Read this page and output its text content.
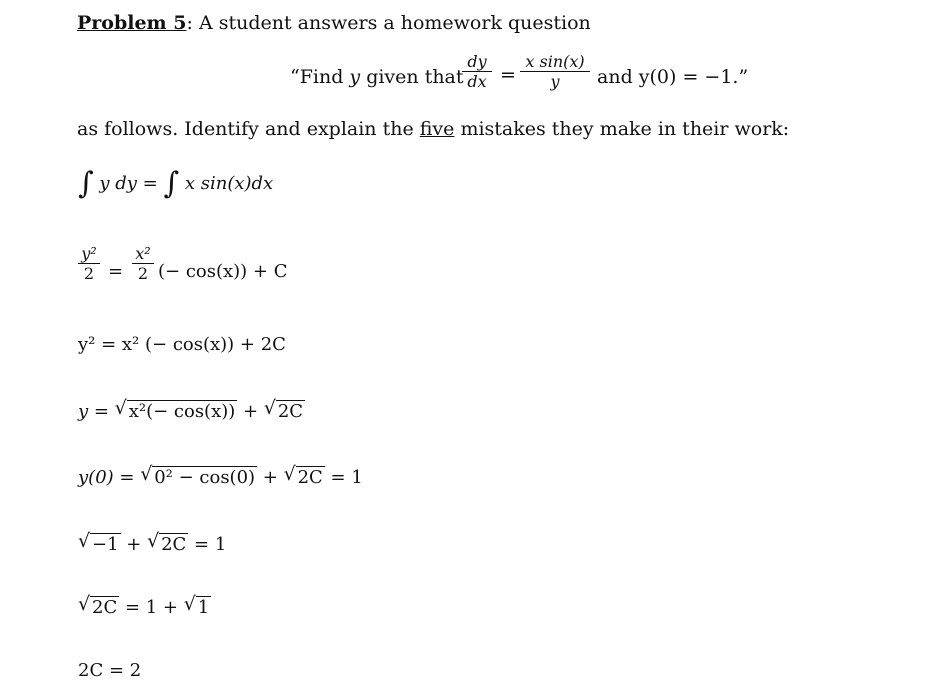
Problem 5: A student answers a homework question
“Find y given that
dy
dx =
x sin(x)
y	and y(0) = −1.”
as follows. Identify and explain the five mistakes they make in their work:
∫ y dy = ∫ x sin(x)dx
y²
2 =
x²
2 (− cos(x)) + C
y² = x² (− cos(x)) + 2C
y = √ x²(− cos(x)) + √ 2C
y(0) = √ 0² − cos(0) + √ 2C = 1
√ −1 + √ 2C = 1
√ 2C = 1 + √ 1
2C = 2
